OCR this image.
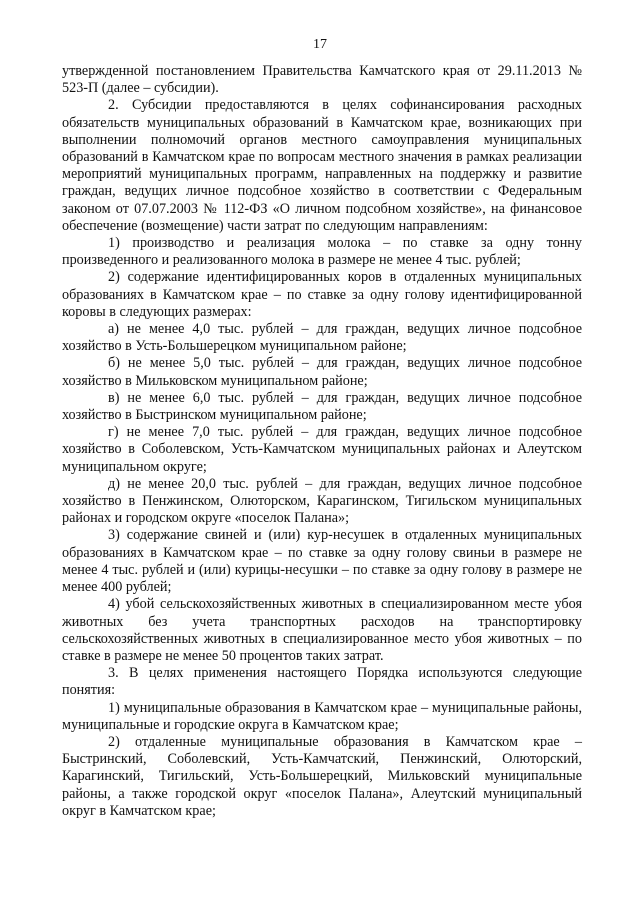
17

утвержденной постановлением Правительства Камчатского края от 29.11.2013 № 523-П (далее – субсидии).

2. Субсидии предоставляются в целях софинансирования расходных обязательств муниципальных образований в Камчатском крае, возникающих при выполнении полномочий органов местного самоуправления муниципальных образований в Камчатском крае по вопросам местного значения в рамках реализации мероприятий муниципальных программ, направленных на поддержку и развитие граждан, ведущих личное подсобное хозяйство в соответствии с Федеральным законом от 07.07.2003 № 112-ФЗ «О личном подсобном хозяйстве», на финансовое обеспечение (возмещение) части затрат по следующим направлениям:

1) производство и реализация молока – по ставке за одну тонну произведенного и реализованного молока в размере не менее 4 тыс. рублей;

2) содержание идентифицированных коров в отдаленных муниципальных образованиях в Камчатском крае – по ставке за одну голову идентифицированной коровы в следующих размерах:

а) не менее 4,0 тыс. рублей – для граждан, ведущих личное подсобное хозяйство в Усть-Большерецком муниципальном районе;

б) не менее 5,0 тыс. рублей – для граждан, ведущих личное подсобное хозяйство в Мильковском муниципальном районе;

в) не менее 6,0 тыс. рублей – для граждан, ведущих личное подсобное хозяйство в Быстринском муниципальном районе;

г) не менее 7,0 тыс. рублей – для граждан, ведущих личное подсобное хозяйство в Соболевском, Усть-Камчатском муниципальных районах и Алеутском муниципальном округе;

д) не менее 20,0 тыс. рублей – для граждан, ведущих личное подсобное хозяйство в Пенжинском, Олюторском, Карагинском, Тигильском муниципальных районах и городском округе «поселок Палана»;

3) содержание свиней и (или) кур-несушек в отдаленных муниципальных образованиях в Камчатском крае – по ставке за одну голову свиньи в размере не менее 4 тыс. рублей и (или) курицы-несушки – по ставке за одну голову в размере не менее 400 рублей;

4) убой сельскохозяйственных животных в специализированном месте убоя животных без учета транспортных расходов на транспортировку сельскохозяйственных животных в специализированное место убоя животных – по ставке в размере не менее 50 процентов таких затрат.

3. В целях применения настоящего Порядка используются следующие понятия:

1) муниципальные образования в Камчатском крае – муниципальные районы, муниципальные и городские округа в Камчатском крае;

2) отдаленные муниципальные образования в Камчатском крае – Быстринский, Соболевский, Усть-Камчатский, Пенжинский, Олюторский, Карагинский, Тигильский, Усть-Большерецкий, Мильковский муниципальные районы, а также городской округ «поселок Палана», Алеутский муниципальный округ в Камчатском крае;
